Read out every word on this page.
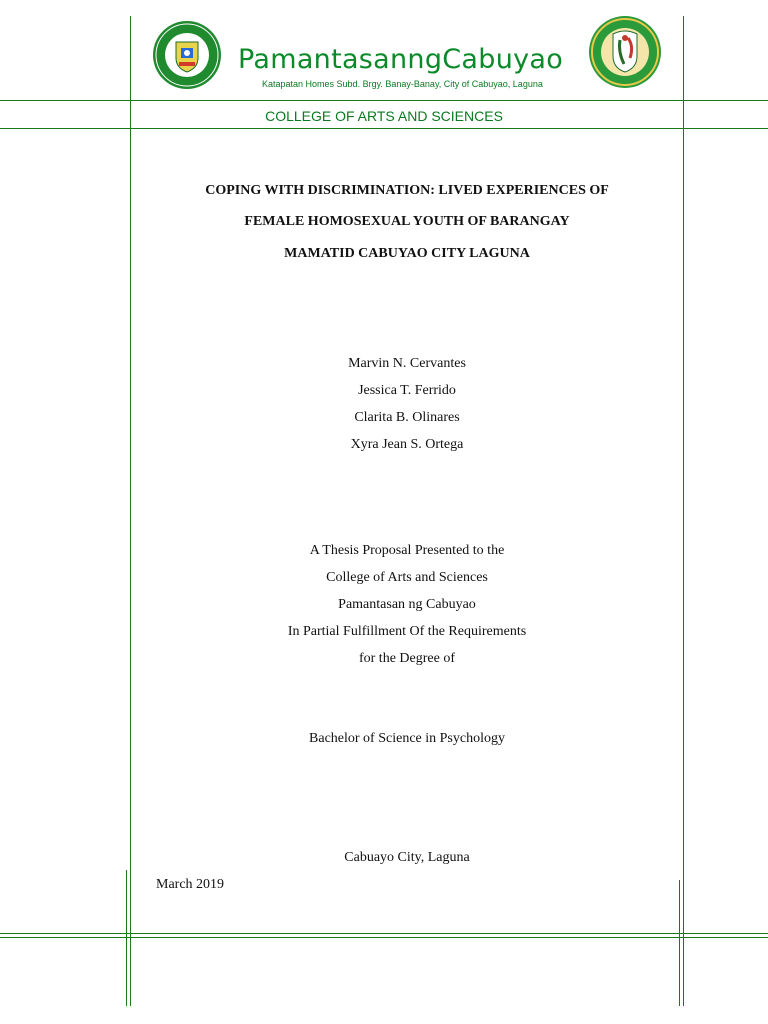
PamantasanngCabuyao
Katapatan Homes Subd. Brgy. Banay-Banay, City of Cabuyao, Laguna
COLLEGE OF ARTS AND SCIENCES
COPING WITH DISCRIMINATION: LIVED EXPERIENCES OF
FEMALE HOMOSEXUAL YOUTH OF BARANGAY
MAMATID CABUYAO CITY LAGUNA
Marvin N. Cervantes
Jessica T. Ferrido
Clarita B. Olinares
Xyra Jean S. Ortega
A Thesis Proposal Presented to the
College of Arts and Sciences
Pamantasan ng Cabuyao
In Partial Fulfillment Of the Requirements
for the Degree of
Bachelor of Science in Psychology
Cabuayo City, Laguna
March 2019
